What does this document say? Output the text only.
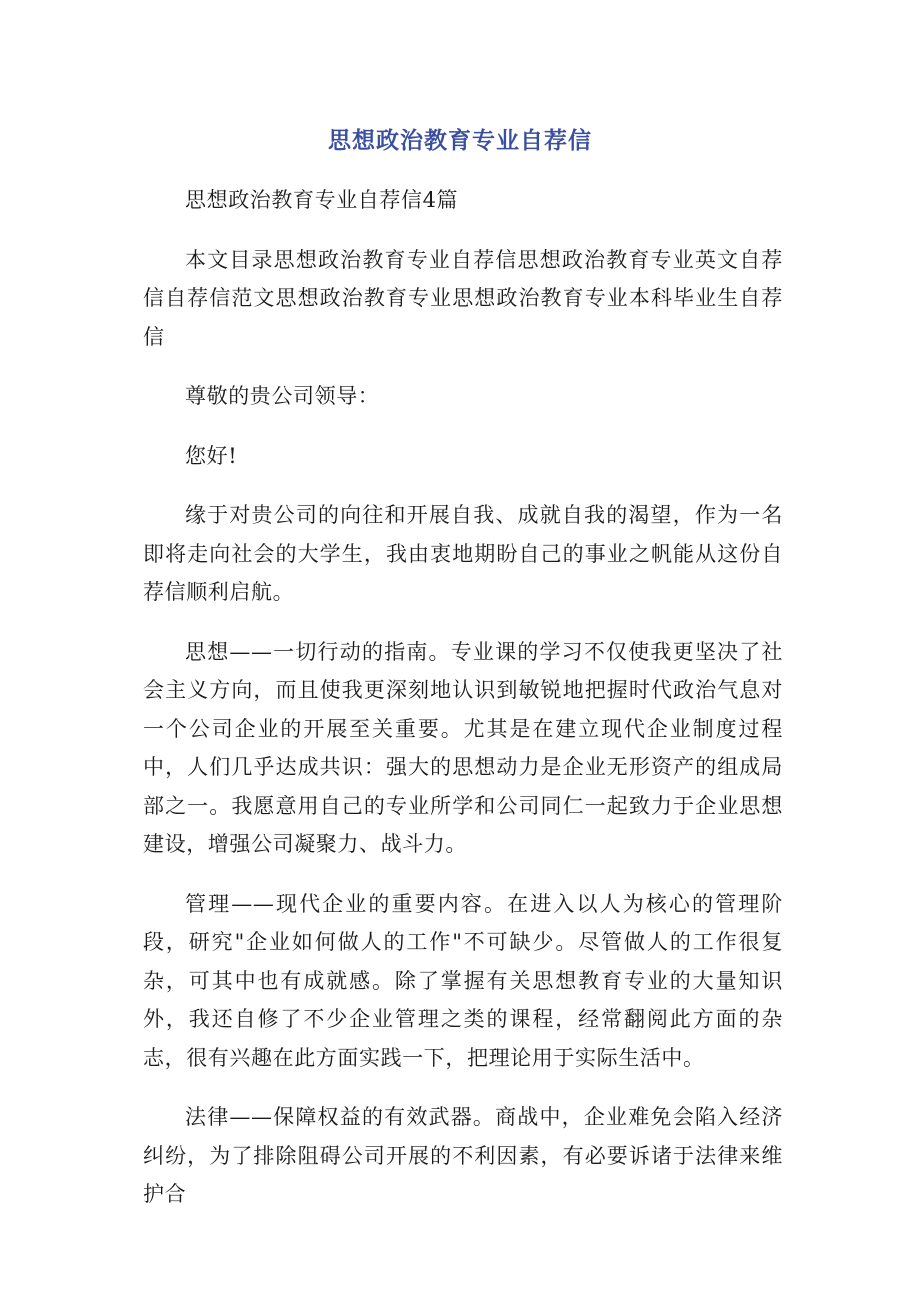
思想政治教育专业自荐信

思想政治教育专业自荐信4篇

本文目录思想政治教育专业自荐信思想政治教育专业英文自荐信自荐信范文思想政治教育专业思想政治教育专业本科毕业生自荐信

尊敬的贵公司领导：

您好!

缘于对贵公司的向往和开展自我、成就自我的渴望，作为一名即将走向社会的大学生，我由衷地期盼自己的事业之帆能从这份自荐信顺利启航。

思想——一切行动的指南。专业课的学习不仅使我更坚决了社会主义方向，而且使我更深刻地认识到敏锐地把握时代政治气息对一个公司企业的开展至关重要。尤其是在建立现代企业制度过程中，人们几乎达成共识：强大的思想动力是企业无形资产的组成局部之一。我愿意用自己的专业所学和公司同仁一起致力于企业思想建设，增强公司凝聚力、战斗力。

管理——现代企业的重要内容。在进入以人为核心的管理阶段，研究"企业如何做人的工作"不可缺少。尽管做人的工作很复杂，可其中也有成就感。除了掌握有关思想教育专业的大量知识外，我还自修了不少企业管理之类的课程，经常翻阅此方面的杂志，很有兴趣在此方面实践一下，把理论用于实际生活中。

法律——保障权益的有效武器。商战中，企业难免会陷入经济纠纷，为了排除阻碍公司开展的不利因素，有必要诉诸于法律来维护合
